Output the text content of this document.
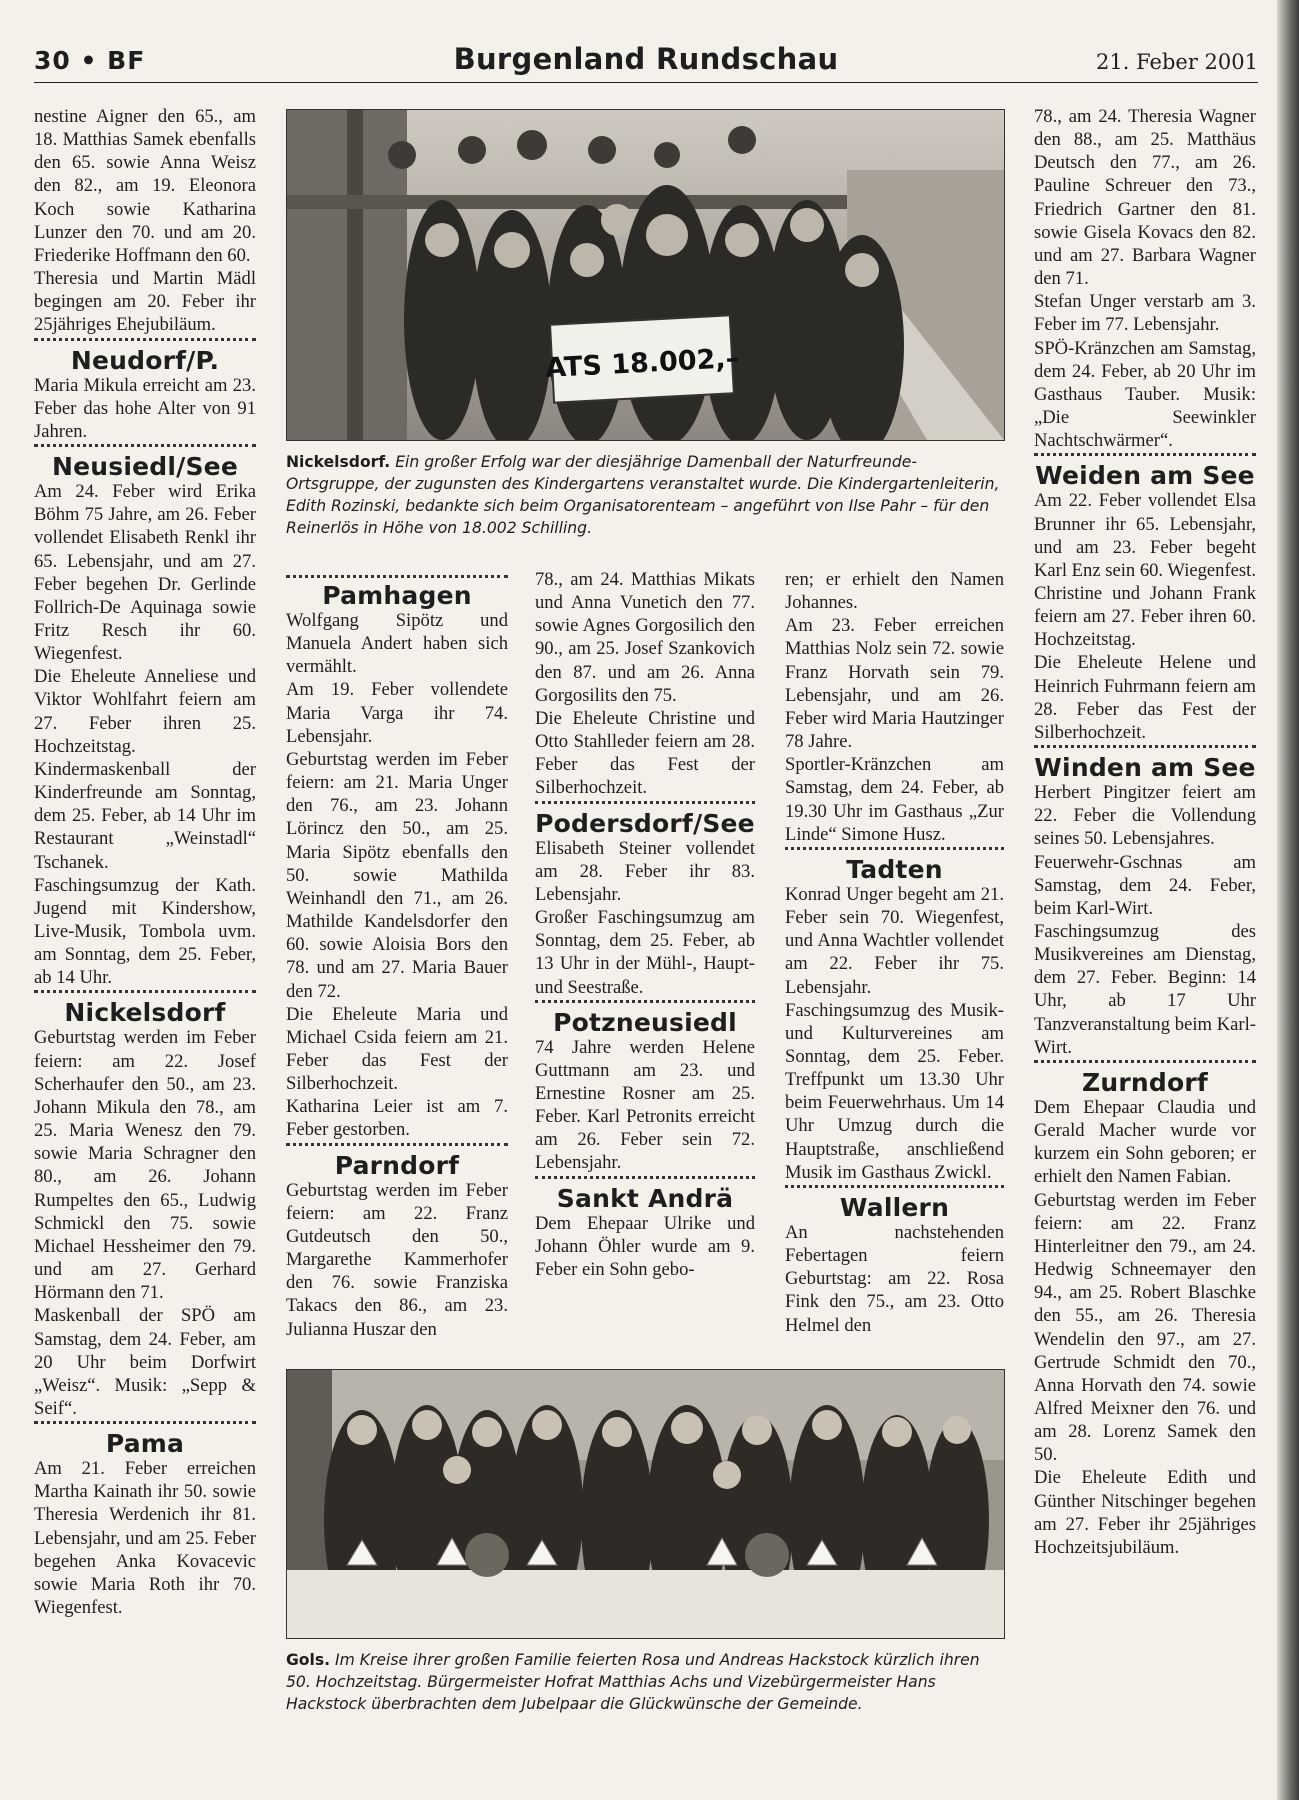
30 • BF	Burgenland Rundschau	21. Feber 2001

nestine Aigner den 65., am 18. Matthias Samek ebenfalls den 65. sowie Anna Weisz den 82., am 19. Eleonora Koch sowie Katharina Lunzer den 70. und am 20. Friederike Hoffmann den 60.

Theresia und Martin Mädl begingen am 20. Feber ihr 25jähriges Ehejubiläum.

Neudorf/P.

Maria Mikula erreicht am 23. Feber das hohe Alter von 91 Jahren.

Neusiedl/See

Am 24. Feber wird Erika Böhm 75 Jahre, am 26. Feber vollendet Elisabeth Renkl ihr 65. Lebensjahr, und am 27. Feber begehen Dr. Gerlinde Follrich-De Aquinaga sowie Fritz Resch ihr 60. Wiegenfest.

Die Eheleute Anneliese und Viktor Wohlfahrt feiern am 27. Feber ihren 25. Hochzeitstag.

Kindermaskenball der Kinderfreunde am Sonntag, dem 25. Feber, ab 14 Uhr im Restaurant „Weinstadl“ Tschanek.

Faschingsumzug der Kath. Jugend mit Kindershow, Live-Musik, Tombola uvm. am Sonntag, dem 25. Feber, ab 14 Uhr.

Nickelsdorf

Geburtstag werden im Feber feiern: am 22. Josef Scherhaufer den 50., am 23. Johann Mikula den 78., am 25. Maria Wenesz den 79. sowie Maria Schragner den 80., am 26. Johann Rumpeltes den 65., Ludwig Schmickl den 75. sowie Michael Hessheimer den 79. und am 27. Gerhard Hörmann den 71.

Maskenball der SPÖ am Samstag, dem 24. Feber, am 20 Uhr beim Dorfwirt „Weisz“. Musik: „Sepp & Seif“.

Pama

Am 21. Feber erreichen Martha Kainath ihr 50. sowie Theresia Werdenich ihr 81. Lebensjahr, und am 25. Feber begehen Anka Kovacevic sowie Maria Roth ihr 70. Wiegenfest.

ATS 18.002,–
Nickelsdorf. Ein großer Erfolg war der diesjährige Damenball der Naturfreunde-Ortsgruppe, der zugunsten des Kindergartens veranstaltet wurde. Die Kindergartenleiterin, Edith Rozinski, bedankte sich beim Organisatorenteam – angeführt von Ilse Pahr – für den Reinerlös in Höhe von 18.002 Schilling.
Pamhagen

Wolfgang Sipötz und Manuela Andert haben sich vermählt.

Am 19. Feber vollendete Maria Varga ihr 74. Lebensjahr.

Geburtstag werden im Feber feiern: am 21. Maria Unger den 76., am 23. Johann Lörincz den 50., am 25. Maria Sipötz ebenfalls den 50. sowie Mathilda Weinhandl den 71., am 26. Mathilde Kandelsdorfer den 60. sowie Aloisia Bors den 78. und am 27. Maria Bauer den 72.

Die Eheleute Maria und Michael Csida feiern am 21. Feber das Fest der Silberhochzeit.

Katharina Leier ist am 7. Feber gestorben.

Parndorf

Geburtstag werden im Feber feiern: am 22. Franz Gutdeutsch den 50., Margarethe Kammerhofer den 76. sowie Franziska Takacs den 86., am 23. Julianna Huszar den

78., am 24. Matthias Mikats und Anna Vunetich den 77. sowie Agnes Gorgosilich den 90., am 25. Josef Szankovich den 87. und am 26. Anna Gorgosilits den 75.

Die Eheleute Christine und Otto Stahlleder feiern am 28. Feber das Fest der Silberhochzeit.

Podersdorf/See

Elisabeth Steiner vollendet am 28. Feber ihr 83. Lebensjahr.

Großer Faschingsumzug am Sonntag, dem 25. Feber, ab 13 Uhr in der Mühl-, Haupt- und Seestraße.

Potzneusiedl

74 Jahre werden Helene Guttmann am 23. und Ernestine Rosner am 25. Feber. Karl Petronits erreicht am 26. Feber sein 72. Lebensjahr.

Sankt Andrä

Dem Ehepaar Ulrike und Johann Öhler wurde am 9. Feber ein Sohn gebo-

ren; er erhielt den Namen Johannes.

Am 23. Feber erreichen Matthias Nolz sein 72. sowie Franz Horvath sein 79. Lebensjahr, und am 26. Feber wird Maria Hautzinger 78 Jahre.

Sportler-Kränzchen am Samstag, dem 24. Feber, ab 19.30 Uhr im Gasthaus „Zur Linde“ Simone Husz.

Tadten

Konrad Unger begeht am 21. Feber sein 70. Wiegenfest, und Anna Wachtler vollendet am 22. Feber ihr 75. Lebensjahr.

Faschingsumzug des Musik- und Kulturvereines am Sonntag, dem 25. Feber. Treffpunkt um 13.30 Uhr beim Feuerwehrhaus. Um 14 Uhr Umzug durch die Hauptstraße, anschließend Musik im Gasthaus Zwickl.

Wallern

An nachstehenden Febertagen feiern Geburtstag: am 22. Rosa Fink den 75., am 23. Otto Helmel den

Gols. Im Kreise ihrer großen Familie feierten Rosa und Andreas Hackstock kürzlich ihren 50. Hochzeitstag. Bürgermeister Hofrat Matthias Achs und Vizebürgermeister Hans Hackstock überbrachten dem Jubelpaar die Glückwünsche der Gemeinde.

78., am 24. Theresia Wagner den 88., am 25. Matthäus Deutsch den 77., am 26. Pauline Schreuer den 73., Friedrich Gartner den 81. sowie Gisela Kovacs den 82. und am 27. Barbara Wagner den 71.

Stefan Unger verstarb am 3. Feber im 77. Lebensjahr.

SPÖ-Kränzchen am Samstag, dem 24. Feber, ab 20 Uhr im Gasthaus Tauber. Musik: „Die Seewinkler Nachtschwärmer“.

Weiden am See

Am 22. Feber vollendet Elsa Brunner ihr 65. Lebensjahr, und am 23. Feber begeht Karl Enz sein 60. Wiegenfest.

Christine und Johann Frank feiern am 27. Feber ihren 60. Hochzeitstag.

Die Eheleute Helene und Heinrich Fuhrmann feiern am 28. Feber das Fest der Silberhochzeit.

Winden am See

Herbert Pingitzer feiert am 22. Feber die Vollendung seines 50. Lebensjahres.

Feuerwehr-Gschnas am Samstag, dem 24. Feber, beim Karl-Wirt.

Faschingsumzug des Musikvereines am Dienstag, dem 27. Feber. Beginn: 14 Uhr, ab 17 Uhr Tanzveranstaltung beim Karl-Wirt.

Zurndorf

Dem Ehepaar Claudia und Gerald Macher wurde vor kurzem ein Sohn geboren; er erhielt den Namen Fabian.

Geburtstag werden im Feber feiern: am 22. Franz Hinterleitner den 79., am 24. Hedwig Schneemayer den 94., am 25. Robert Blaschke den 55., am 26. Theresia Wendelin den 97., am 27. Gertrude Schmidt den 70., Anna Horvath den 74. sowie Alfred Meixner den 76. und am 28. Lorenz Samek den 50.

Die Eheleute Edith und Günther Nitschinger begehen am 27. Feber ihr 25jähriges Hochzeitsjubiläum.
